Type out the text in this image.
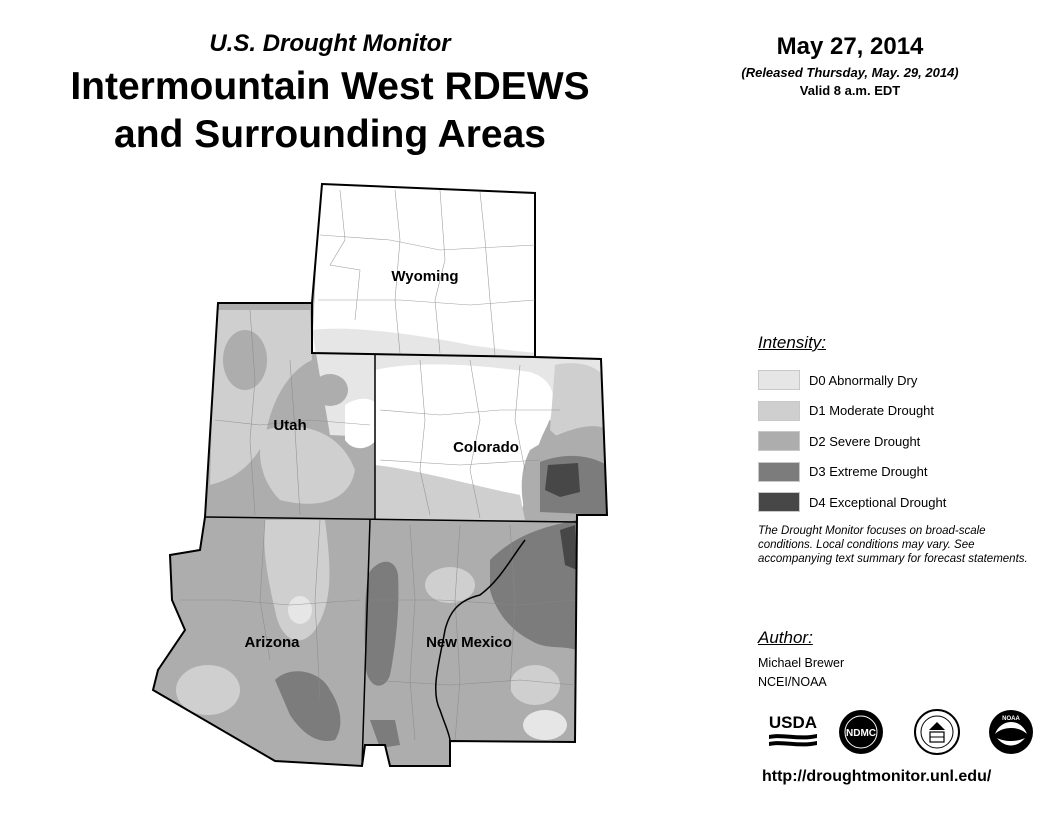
U.S. Drought Monitor
Intermountain West RDEWS
and Surrounding Areas
May 27, 2014
(Released Thursday, May. 29, 2014)
Valid 8 a.m. EDT
Wyoming
Utah
Colorado
Arizona	New Mexico
Intensity:
D0 Abnormally Dry
D1 Moderate Drought
D2 Severe Drought
D3 Extreme Drought
D4 Exceptional Drought
The Drought Monitor focuses on broad-scale conditions. Local conditions may vary. See accompanying text summary for forecast statements.
Author:
Michael Brewer
NCEI/NOAA
USDA
NDMC
NOAA
http://droughtmonitor.unl.edu/
